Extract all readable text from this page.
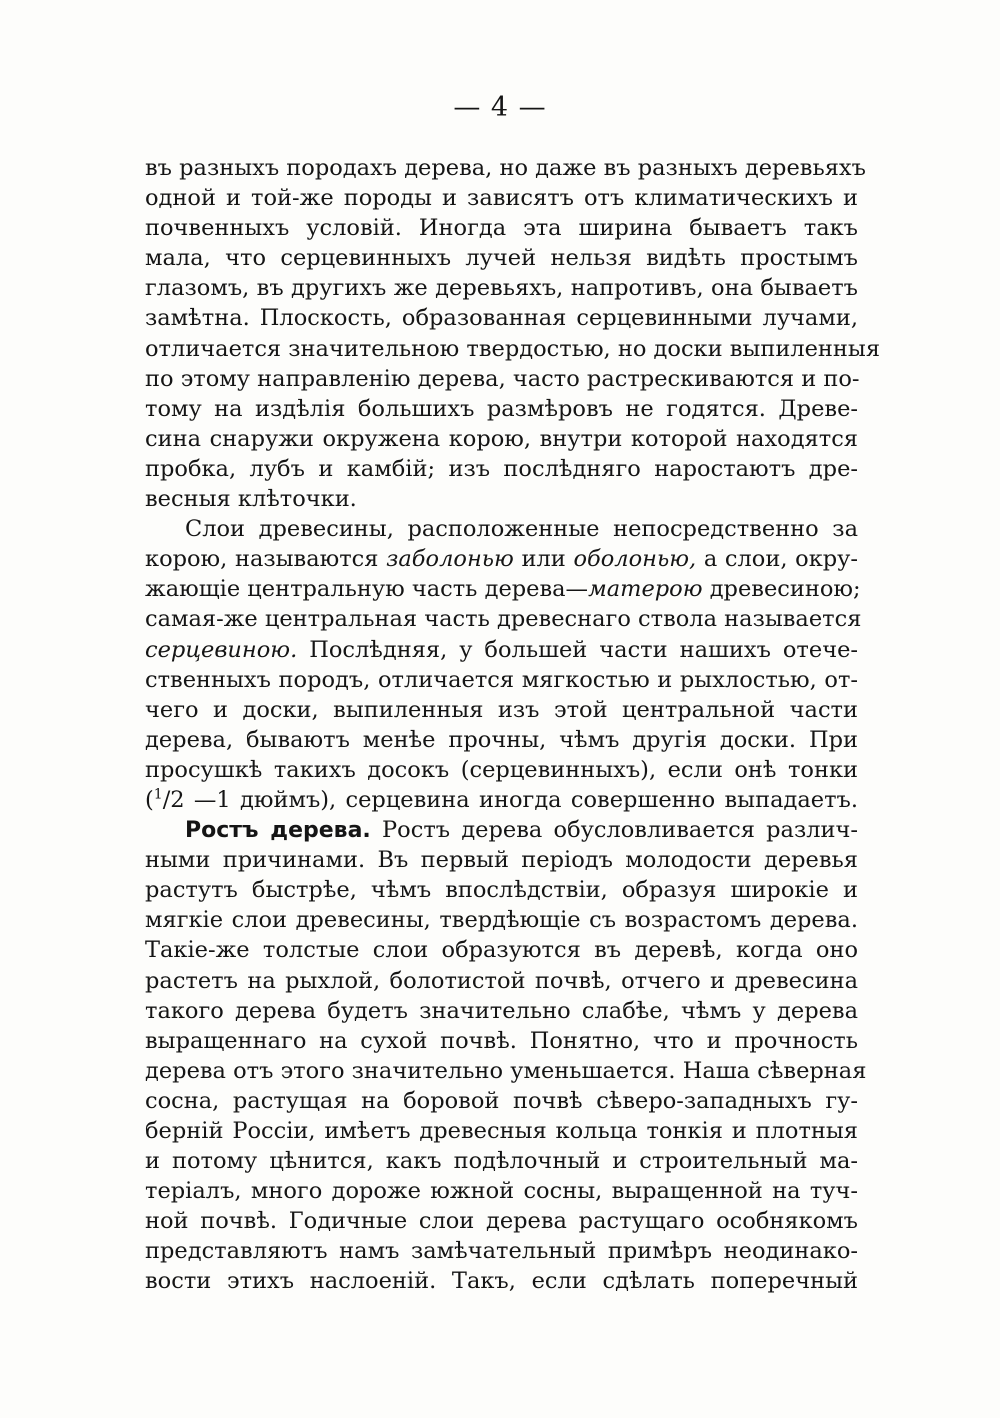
— 4 —
въ разныхъ породахъ дерева, но даже въ разныхъ деревьяхъ
одной и той-же породы и зависятъ отъ климатическихъ и
почвенныхъ условій. Иногда эта ширина бываетъ такъ
мала, что серцевинныхъ лучей нельзя видѣть простымъ
глазомъ, въ другихъ же деревьяхъ, напротивъ, она бываетъ
замѣтна. Плоскость, образованная серцевинными лучами,
отличается значительною твердостью, но доски выпиленныя
по этому направленію дерева, часто растрескиваются и по-
тому на издѣлія большихъ размѣровъ не годятся. Древе-
сина снаружи окружена корою, внутри которой находятся
пробка, лубъ и камбій; изъ послѣдняго наростаютъ дре-
весныя клѣточки.
Слои древесины, расположенные непосредственно за
корою, называются заболонью или оболонью, а слои, окру-
жающіе центральную часть дерева—матерою древесиною;
самая-же центральная часть древеснаго ствола называется
серцевиною. Послѣдняя, у большей части нашихъ отече-
ственныхъ породъ, отличается мягкостью и рыхлостью, от-
чего и доски, выпиленныя изъ этой центральной части
дерева, бываютъ менѣе прочны, чѣмъ другія доски. При
просушкѣ такихъ досокъ (серцевинныхъ), если онѣ тонки
($^1$/2 —1 дюймъ), серцевина иногда совершенно выпадаетъ.
Ростъ дерева. Ростъ дерева обусловливается различ-
ными причинами. Въ первый періодъ молодости деревья
растутъ быстрѣе, чѣмъ впослѣдствіи, образуя широкіе и
мягкіе слои древесины, твердѣющіе съ возрастомъ дерева.
Такіе-же толстые слои образуются въ деревѣ, когда оно
растетъ на рыхлой, болотистой почвѣ, отчего и древесина
такого дерева будетъ значительно слабѣе, чѣмъ у дерева
выращеннаго на сухой почвѣ. Понятно, что и прочность
дерева отъ этого значительно уменьшается. Наша сѣверная
сосна, растущая на боровой почвѣ сѣверо-западныхъ гу-
берній Россіи, имѣетъ древесныя кольца тонкія и плотныя
и потому цѣнится, какъ подѣлочный и строительный ма-
теріалъ, много дороже южной сосны, выращенной на туч-
ной почвѣ. Годичные слои дерева растущаго особнякомъ
представляютъ намъ замѣчательный примѣръ неодинако-
вости этихъ наслоеній. Такъ, если сдѣлать поперечный
